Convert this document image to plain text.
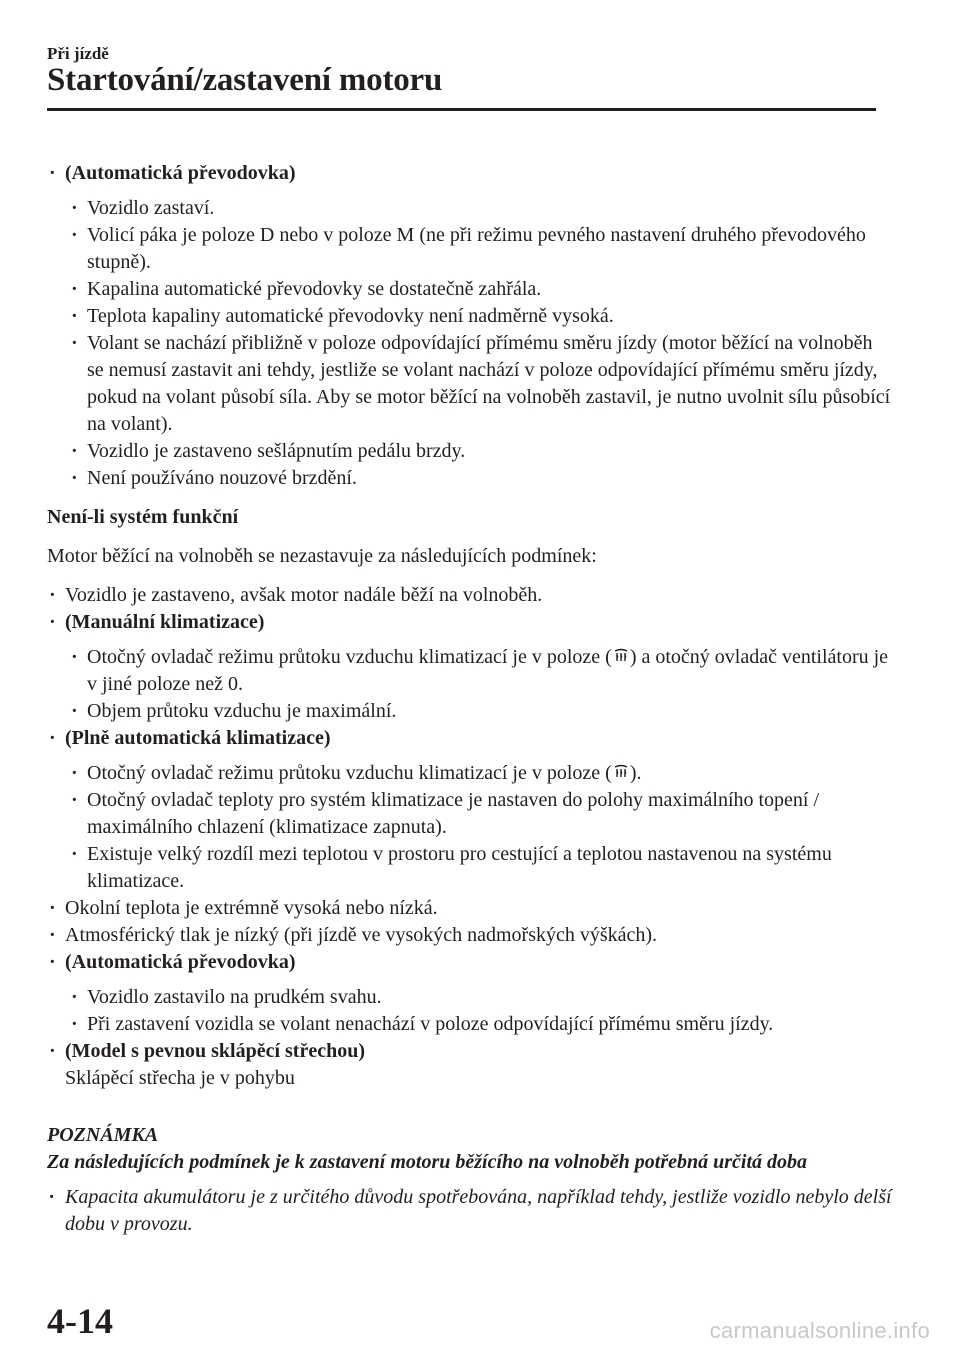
Při jízdě
Startování/zastavení motoru
· (Automatická převodovka)
· Vozidlo zastaví.
· Volicí páka je poloze D nebo v poloze M (ne při režimu pevného nastavení druhého převodového stupně).
· Kapalina automatické převodovky se dostatečně zahřála.
· Teplota kapaliny automatické převodovky není nadměrně vysoká.
· Volant se nachází přibližně v poloze odpovídající přímému směru jízdy (motor běžící na volnoběh se nemusí zastavit ani tehdy, jestliže se volant nachází v poloze odpovídající přímému směru jízdy, pokud na volant působí síla. Aby se motor běžící na volnoběh zastavil, je nutno uvolnit sílu působící na volant).
· Vozidlo je zastaveno sešlápnutím pedálu brzdy.
· Není používáno nouzové brzdění.
Není-li systém funkční
Motor běžící na volnoběh se nezastavuje za následujících podmínek:
· Vozidlo je zastaveno, avšak motor nadále běží na volnoběh.
· (Manuální klimatizace)
· Otočný ovladač režimu průtoku vzduchu klimatizací je v poloze ( ) a otočný ovladač ventilátoru je v jiné poloze než 0.
· Objem průtoku vzduchu je maximální.
· (Plně automatická klimatizace)
· Otočný ovladač režimu průtoku vzduchu klimatizací je v poloze ( ).
· Otočný ovladač teploty pro systém klimatizace je nastaven do polohy maximálního topení / maximálního chlazení (klimatizace zapnuta).
· Existuje velký rozdíl mezi teplotou v prostoru pro cestující a teplotou nastavenou na systému klimatizace.
· Okolní teplota je extrémně vysoká nebo nízká.
· Atmosférický tlak je nízký (při jízdě ve vysokých nadmořských výškách).
· (Automatická převodovka)
· Vozidlo zastavilo na prudkém svahu.
· Při zastavení vozidla se volant nenachází v poloze odpovídající přímému směru jízdy.
· (Model s pevnou sklápěcí střechou)
Sklápěcí střecha je v pohybu
POZNÁMKA
Za následujících podmínek je k zastavení motoru běžícího na volnoběh potřebná určitá doba
· Kapacita akumulátoru je z určitého důvodu spotřebována, například tehdy, jestliže vozidlo nebylo delší dobu v provozu.
4-14	carmanualsonline.info
